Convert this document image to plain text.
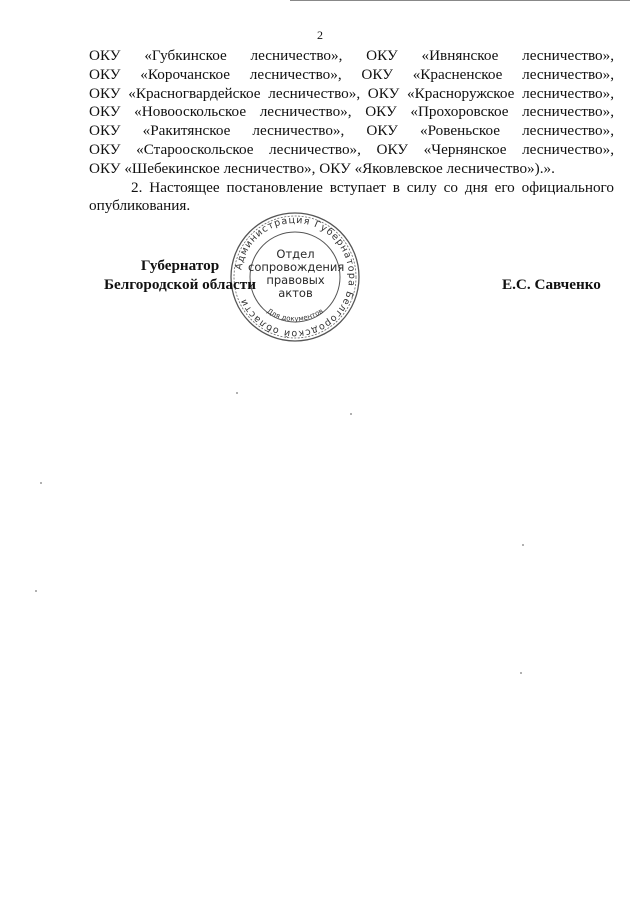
2
ОКУ «Губкинское лесничество», ОКУ «Ивнянское лесничество»,
ОКУ «Корочанское лесничество», ОКУ «Красненское лесничество»,
ОКУ «Красногвардейское лесничество», ОКУ «Красноружское лесничество»,
ОКУ «Новооскольское лесничество», ОКУ «Прохоровское лесничество»,
ОКУ «Ракитянское лесничество», ОКУ «Ровеньское лесничество»,
ОКУ «Старооскольское лесничество», ОКУ «Чернянское лесничество»,
ОКУ «Шебекинское лесничество», ОКУ «Яковлевское лесничество»).».
2. Настоящее постановление вступает в силу со дня его официального
опубликования.
Администрация Губернатора Белгородской области
Для документов
Отдел
сопровождения
правовых
актов
Губернатор
Белгородской области	Е.С. Савченко
